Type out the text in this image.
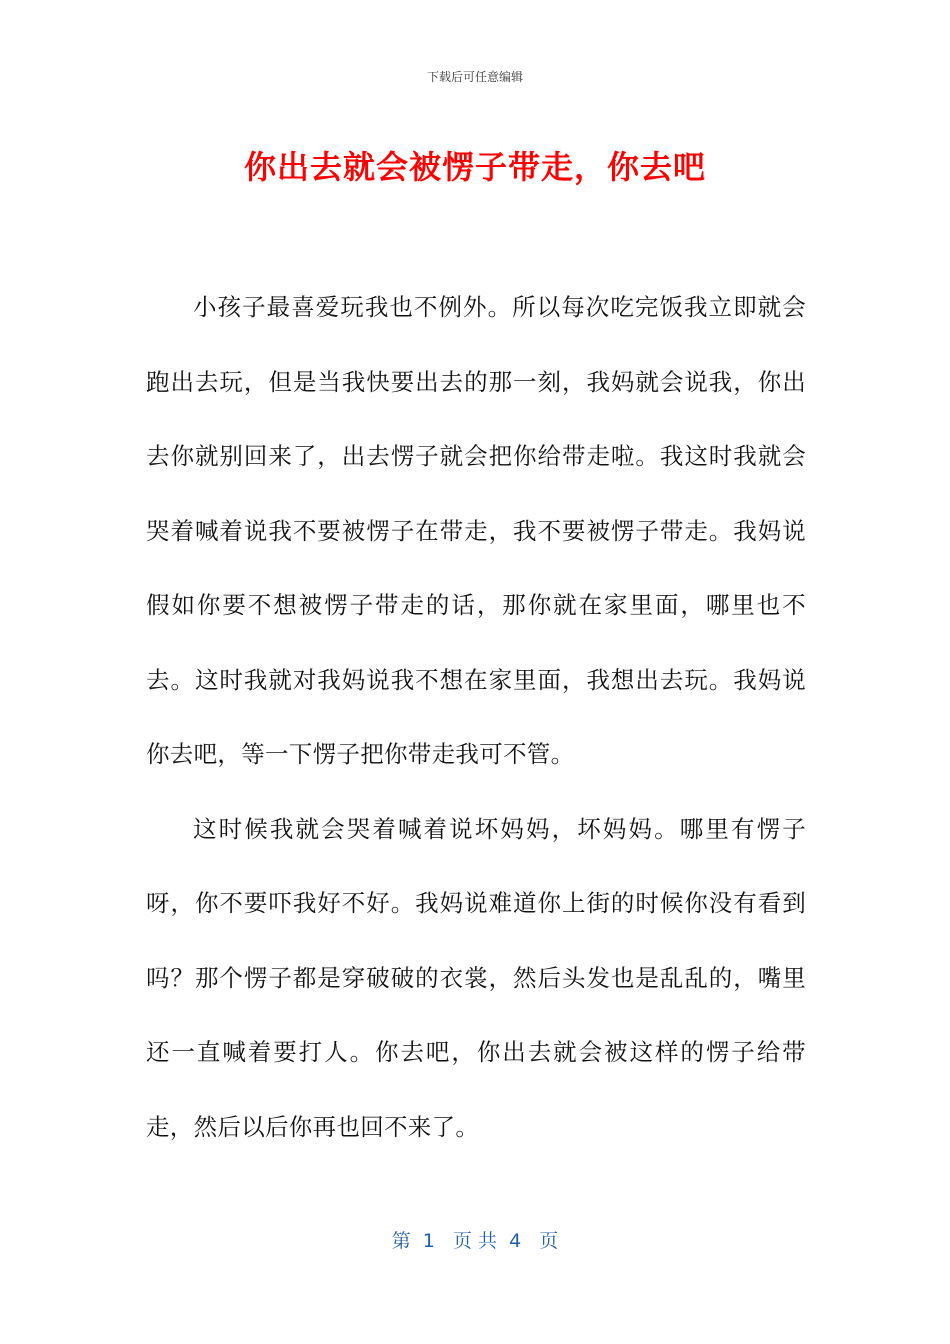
下载后可任意编辑
你出去就会被愣子带走，你去吧

小孩子最喜爱玩我也不例外。所以每次吃完饭我立即就会跑出去玩，但是当我快要出去的那一刻，我妈就会说我，你出去你就别回来了，出去愣子就会把你给带走啦。我这时我就会哭着喊着说我不要被愣子在带走，我不要被愣子带走。我妈说假如你要不想被愣子带走的话，那你就在家里面，哪里也不去。这时我就对我妈说我不想在家里面，我想出去玩。我妈说你去吧，等一下愣子把你带走我可不管。

这时候我就会哭着喊着说坏妈妈，坏妈妈。哪里有愣子呀，你不要吓我好不好。我妈说难道你上街的时候你没有看到吗？那个愣子都是穿破破的衣裳，然后头发也是乱乱的，嘴里还一直喊着要打人。你去吧，你出去就会被这样的愣子给带走，然后以后你再也回不来了。

第  1   页 共  4   页
